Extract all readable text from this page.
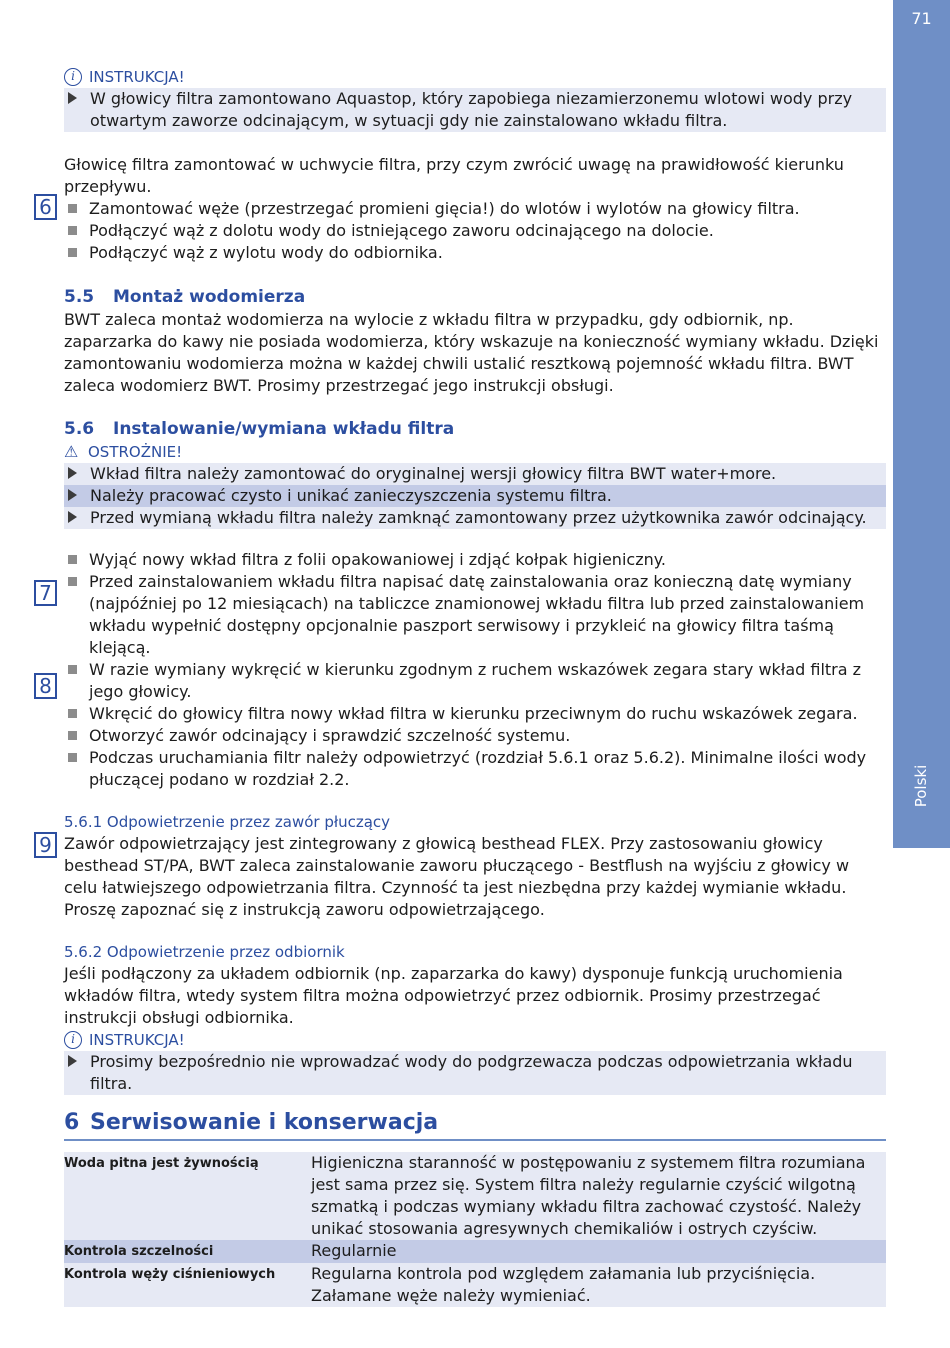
71
Polski
6
7
8
9
i INSTRUKCJA!
W głowicy filtra zamontowano Aquastop, który zapobiega niezamierzonemu wlotowi wody przy otwartym zaworze odcinającym, w sytuacji gdy nie zainstalowano wkładu filtra.

Głowicę filtra zamontować w uchwycie filtra, przy czym zwrócić uwagę na prawidłowość kierunku przepływu.

Zamontować węże (przestrzegać promieni gięcia!) do wlotów i wylotów na głowicy filtra.
Podłączyć wąż z dolotu wody do istniejącego zaworu odcinającego na dolocie.
Podłączyć wąż z wylotu wody do odbiornika.
5.5 Montaż wodomierza

BWT zaleca montaż wodomierza na wylocie z wkładu filtra w przypadku, gdy odbiornik, np. zaparzarka do kawy nie posiada wodomierza, który wskazuje na konieczność wymiany wkładu. Dzięki zamontowaniu wodomierza można w każdej chwili ustalić resztkową pojemność wkładu filtra. BWT zaleca wodomierz BWT. Prosimy przestrzegać jego instrukcji obsługi.

5.6 Instalowanie/wymiana wkładu filtra
⚠ OSTROŻNIE!
Wkład filtra należy zamontować do oryginalnej wersji głowicy filtra BWT water+more.
Należy pracować czysto i unikać zanieczyszczenia systemu filtra.
Przed wymianą wkładu filtra należy zamknąć zamontowany przez użytkownika zawór odcinający.
Wyjąć nowy wkład filtra z folii opakowaniowej i zdjąć kołpak higieniczny.
Przed zainstalowaniem wkładu filtra napisać datę zainstalowania oraz konieczną datę wymiany (najpóźniej po 12 miesiącach) na tabliczce znamionowej wkładu filtra lub przed zainstalowaniem wkładu wypełnić dostępny opcjonalnie paszport serwisowy i przykleić na głowicy filtra taśmą klejącą.
W razie wymiany wykręcić w kierunku zgodnym z ruchem wskazówek zegara stary wkład filtra z jego głowicy.
Wkręcić do głowicy filtra nowy wkład filtra w kierunku przeciwnym do ruchu wskazówek zegara.
Otworzyć zawór odcinający i sprawdzić szczelność systemu.
Podczas uruchamiania filtr należy odpowietrzyć (rozdział 5.6.1 oraz 5.6.2). Minimalne ilości wody płuczącej podano w rozdział 2.2.
5.6.1 Odpowietrzenie przez zawór płuczący

Zawór odpowietrzający jest zintegrowany z głowicą besthead FLEX. Przy zastosowaniu głowicy besthead ST/PA, BWT zaleca zainstalowanie zaworu płuczącego - Bestflush na wyjściu z głowicy w celu łatwiejszego odpowietrzania filtra. Czynność ta jest niezbędna przy każdej wymianie wkładu. Proszę zapoznać się z instrukcją zaworu odpowietrzającego.

5.6.2 Odpowietrzenie przez odbiornik

Jeśli podłączony za układem odbiornik (np. zaparzarka do kawy) dysponuje funkcją uruchomienia wkładów filtra, wtedy system filtra można odpowietrzyć przez odbiornik. Prosimy przestrzegać instrukcji obsługi odbiornika.

i INSTRUKCJA!
Prosimy bezpośrednio nie wprowadzać wody do podgrzewacza podczas odpowietrzania wkładu filtra.
6 Serwisowanie i konserwacja
Woda pitna jest żywnością	Higieniczna staranność w postępowaniu z systemem filtra rozumiana jest sama przez się. System filtra należy regularnie czyścić wilgotną szmatką i podczas wymiany wkładu filtra zachować czystość. Należy unikać stosowania agresywnych chemikaliów i ostrych czyściw.
Kontrola szczelności	Regularnie
Kontrola węży ciśnieniowych	Regularna kontrola pod względem załamania lub przyciśnięcia. Załamane węże należy wymieniać.
